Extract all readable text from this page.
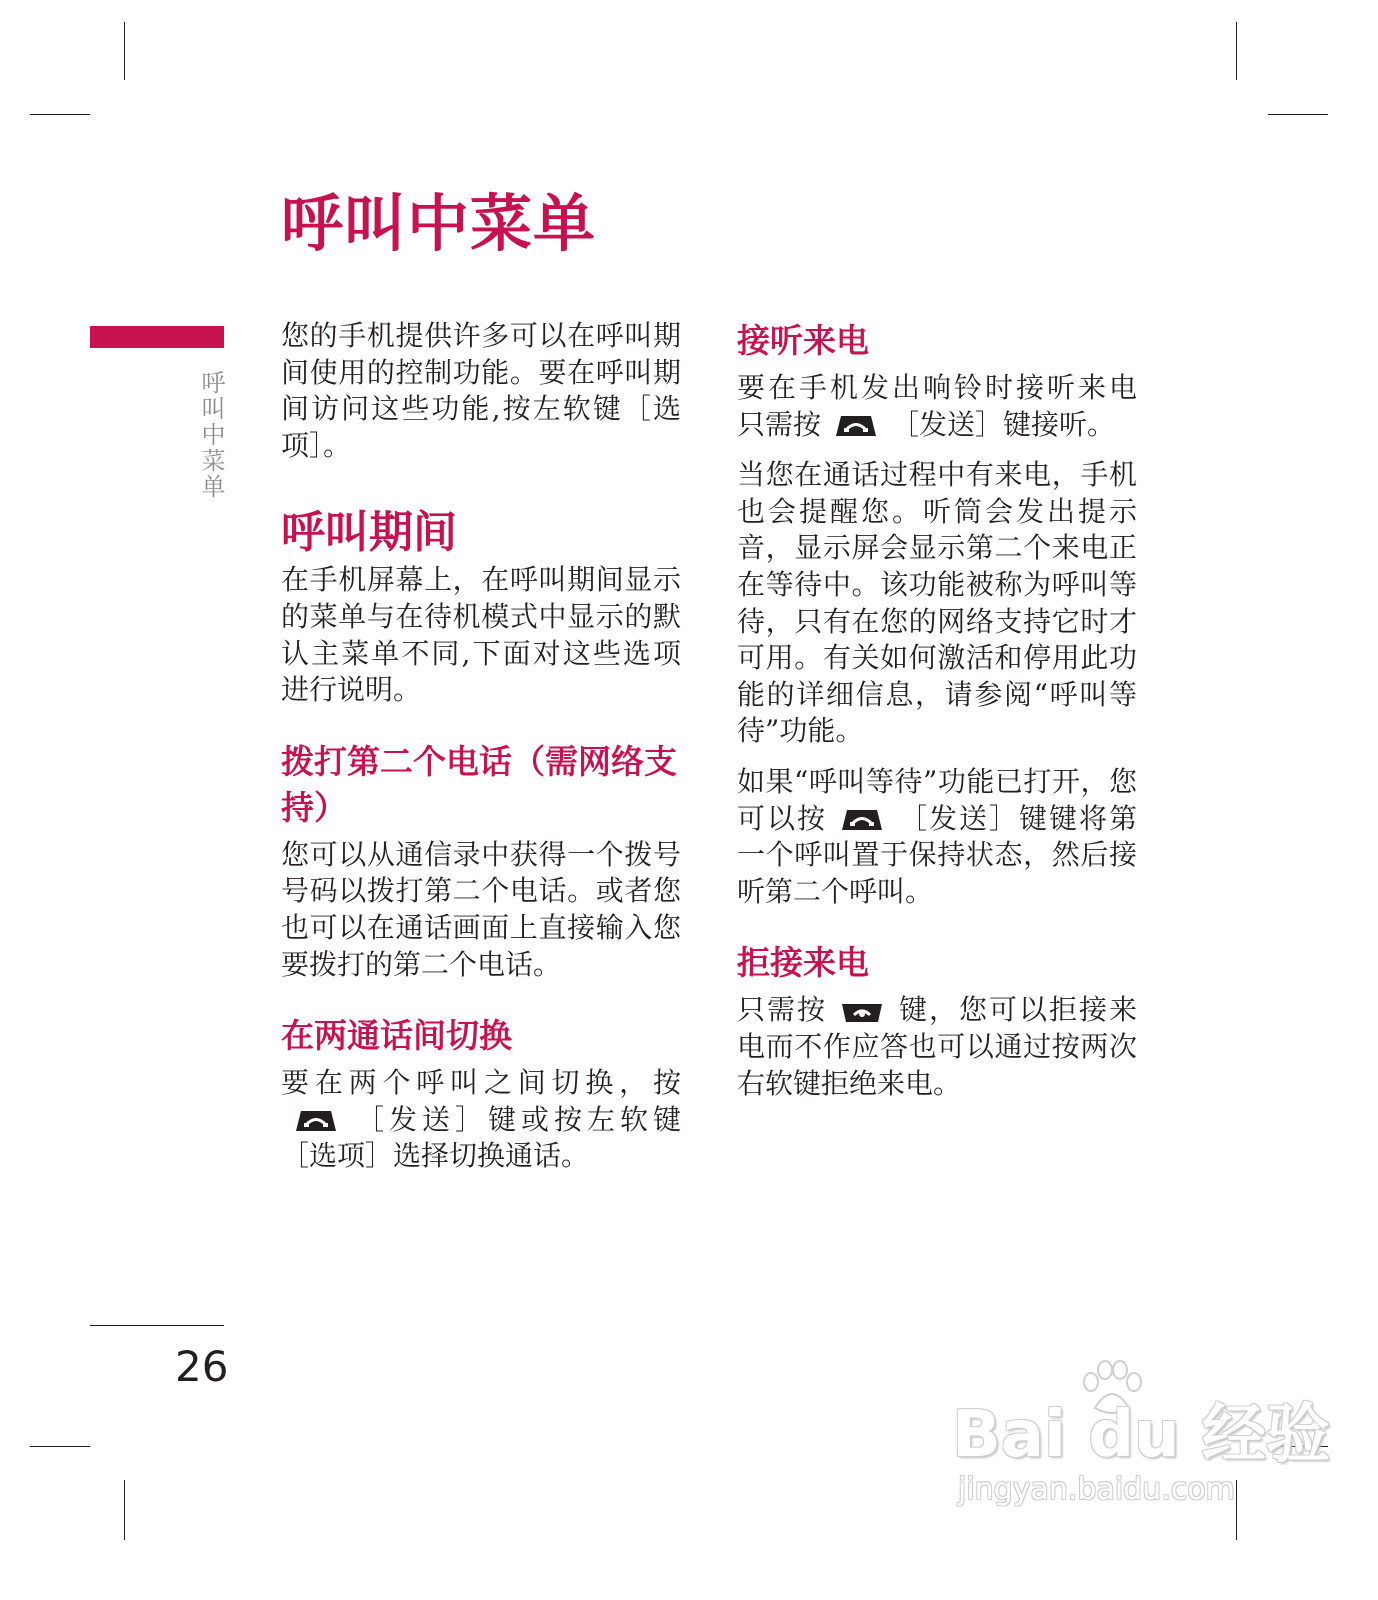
呼叫中菜单
呼叫中菜单

您的手机提供许多可以在呼叫期间使用的控制功能。要在呼叫期间访问这些功能,按左软键［选项］。

呼叫期间

在手机屏幕上，在呼叫期间显示的菜单与在待机模式中显示的默认主菜单不同,下面对这些选项进行说明。

拨打第二个电话（需网络支持）

您可以从通信录中获得一个拨号号码以拨打第二个电话。或者您也可以在通话画面上直接输入您要拨打的第二个电话。

在两通话间切换

要在两个呼叫之间切换，按［发送］键或按左软键［选项］选择切换通话。

接听来电

要在手机发出响铃时接听来电 只需按	［发送］键接听。

当您在通话过程中有来电，手机也会提醒您。听筒会发出提示音，显示屏会显示第二个来电正在等待中。该功能被称为呼叫等待，只有在您的网络支持它时才可用。有关如何激活和停用此功能的详细信息，请参阅“呼叫等待”功能。

如果“呼叫等待”功能已打开，您可以按	［发送］键键将第一个呼叫置于保持状态，然后接听第二个呼叫。

拒接来电

只需按	键，您可以拒接来电而不作应答也可以通过按两次右软键拒绝来电。

26
Bai du 经验
jingyan.baidu.com
